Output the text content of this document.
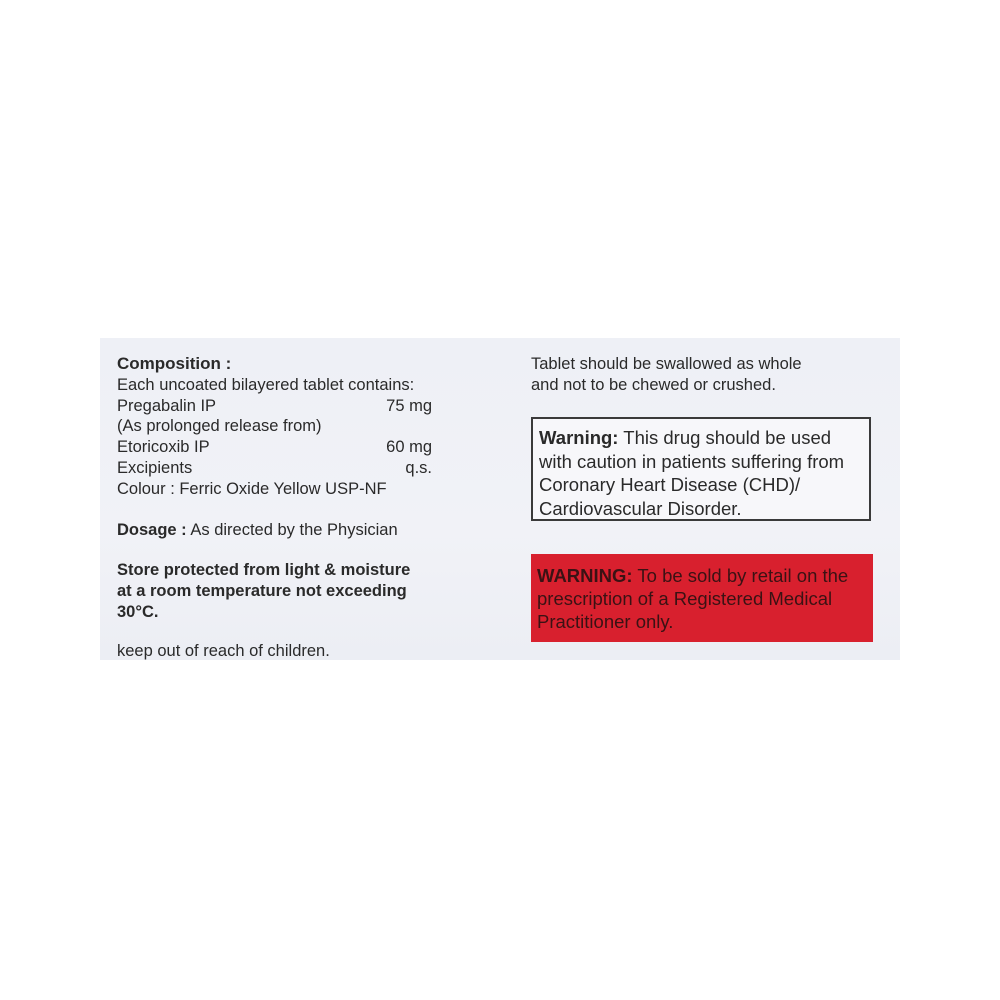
Composition :
Each uncoated bilayered tablet contains:
Pregabalin IP	75 mg
(As prolonged release from)
Etoricoxib IP	60 mg
Excipients	q.s.
Colour : Ferric Oxide Yellow USP-NF
Dosage : As directed by the Physician
Store protected from light & moisture
at a room temperature not exceeding 30°C.
keep out of reach of children.
Tablet should be swallowed as whole
and not to be chewed or crushed.
Warning: This drug should be used with caution in patients suffering from Coronary Heart Disease (CHD)/ Cardiovascular Disorder.
WARNING: To be sold by retail on the prescription of a Registered Medical Practitioner only.
